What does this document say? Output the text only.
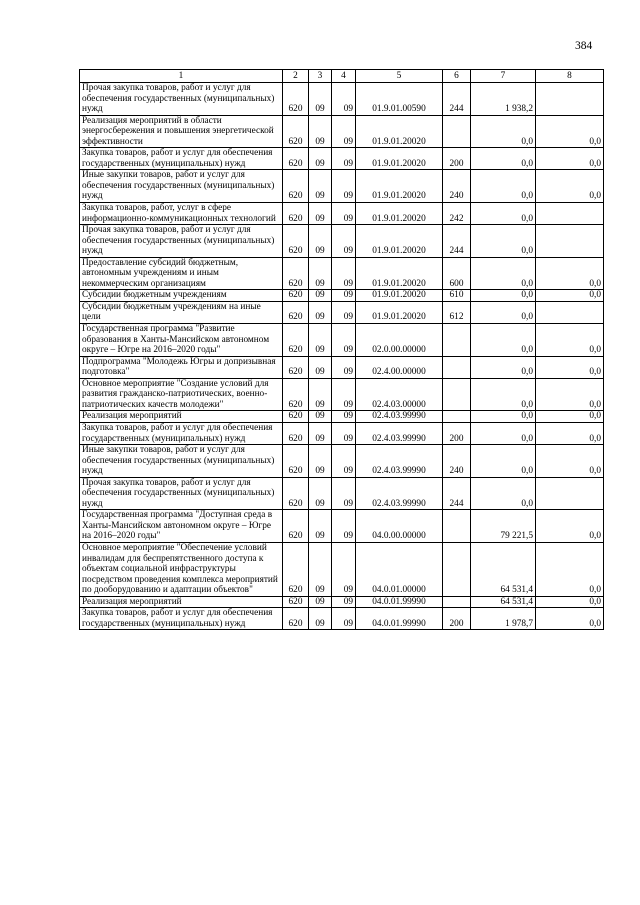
384
1	2	3	4	5	6	7	8
Прочая закупка товаров, работ и услуг для обеспечения государственных (муниципальных) нужд	620	09	09	01.9.01.00590	244	1 938,2	
Реализация мероприятий в области энергосбережения и повышения энергетической эффективности	620	09	09	01.9.01.20020		0,0	0,0
Закупка товаров, работ и услуг для обеспечения государственных (муниципальных) нужд	620	09	09	01.9.01.20020	200	0,0	0,0
Иные закупки товаров, работ и услуг для обеспечения государственных (муниципальных) нужд	620	09	09	01.9.01.20020	240	0,0	0,0
Закупка товаров, работ, услуг в сфере информационно-коммуникационных технологий	620	09	09	01.9.01.20020	242	0,0	
Прочая закупка товаров, работ и услуг для обеспечения государственных (муниципальных) нужд	620	09	09	01.9.01.20020	244	0,0	
Предоставление субсидий бюджетным, автономным учреждениям и иным некоммерческим организациям	620	09	09	01.9.01.20020	600	0,0	0,0
Субсидии бюджетным учреждениям	620	09	09	01.9.01.20020	610	0,0	0,0
Субсидии бюджетным учреждениям на иные цели	620	09	09	01.9.01.20020	612	0,0	
Государственная программа "Развитие образования в Ханты-Мансийском автономном округе – Югре на 2016–2020 годы"	620	09	09	02.0.00.00000		0,0	0,0
Подпрограмма "Молодежь Югры и допризывная подготовка"	620	09	09	02.4.00.00000		0,0	0,0
Основное мероприятие "Создание условий для развития гражданско-патриотических, военно-патриотических качеств молодежи"	620	09	09	02.4.03.00000		0,0	0,0
Реализация мероприятий	620	09	09	02.4.03.99990		0,0	0,0
Закупка товаров, работ и услуг для обеспечения государственных (муниципальных) нужд	620	09	09	02.4.03.99990	200	0,0	0,0
Иные закупки товаров, работ и услуг для обеспечения государственных (муниципальных) нужд	620	09	09	02.4.03.99990	240	0,0	0,0
Прочая закупка товаров, работ и услуг для обеспечения государственных (муниципальных) нужд	620	09	09	02.4.03.99990	244	0,0	
Государственная программа "Доступная среда в Ханты-Мансийском автономном округе – Югре на 2016–2020 годы"	620	09	09	04.0.00.00000		79 221,5	0,0
Основное мероприятие "Обеспечение условий инвалидам для беспрепятственного доступа к объектам социальной инфраструктуры посредством проведения комплекса мероприятий по дооборудованию и адаптации объектов"	620	09	09	04.0.01.00000		64 531,4	0,0
Реализация мероприятий	620	09	09	04.0.01.99990		64 531,4	0,0
Закупка товаров, работ и услуг для обеспечения государственных (муниципальных) нужд	620	09	09	04.0.01.99990	200	1 978,7	0,0
